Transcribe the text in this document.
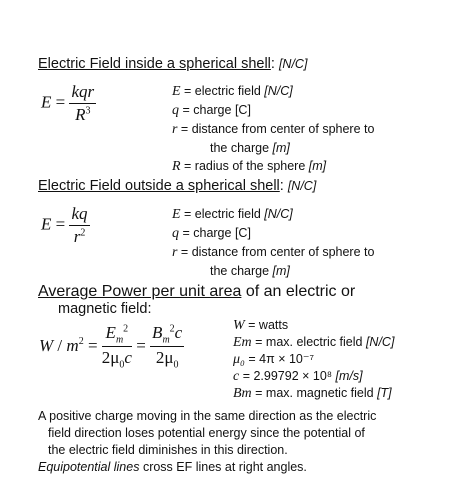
Electric Field inside a spherical shell: [N/C]
$E = \frac{\text{kqr}}{R^3}$	E = electric field [N/C]
q = charge [C]
r = distance from center of sphere to
the charge [m]
R = radius of the sphere [m]
Electric Field outside a spherical shell: [N/C]
$E = \frac{kq}{r^2}$	E = electric field [N/C]
q = charge [C]
r = distance from center of sphere to
the charge [m]
Average Power per unit area of an electric or
magnetic field:
$W / m^2 = \frac{E_m^2}{2\mu_0c} = \frac{B_m^2c}{2\mu_0}$	W = watts
Em = max. electric field [N/C]
μ₀ = 4π × 10⁻⁷
c = 2.99792 × 10⁸ [m/s]
Bm = max. magnetic field [T]
A positive charge moving in the same direction as the electric
field direction loses potential energy since the potential of
the electric field diminishes in this direction.
Equipotential lines cross EF lines at right angles.
